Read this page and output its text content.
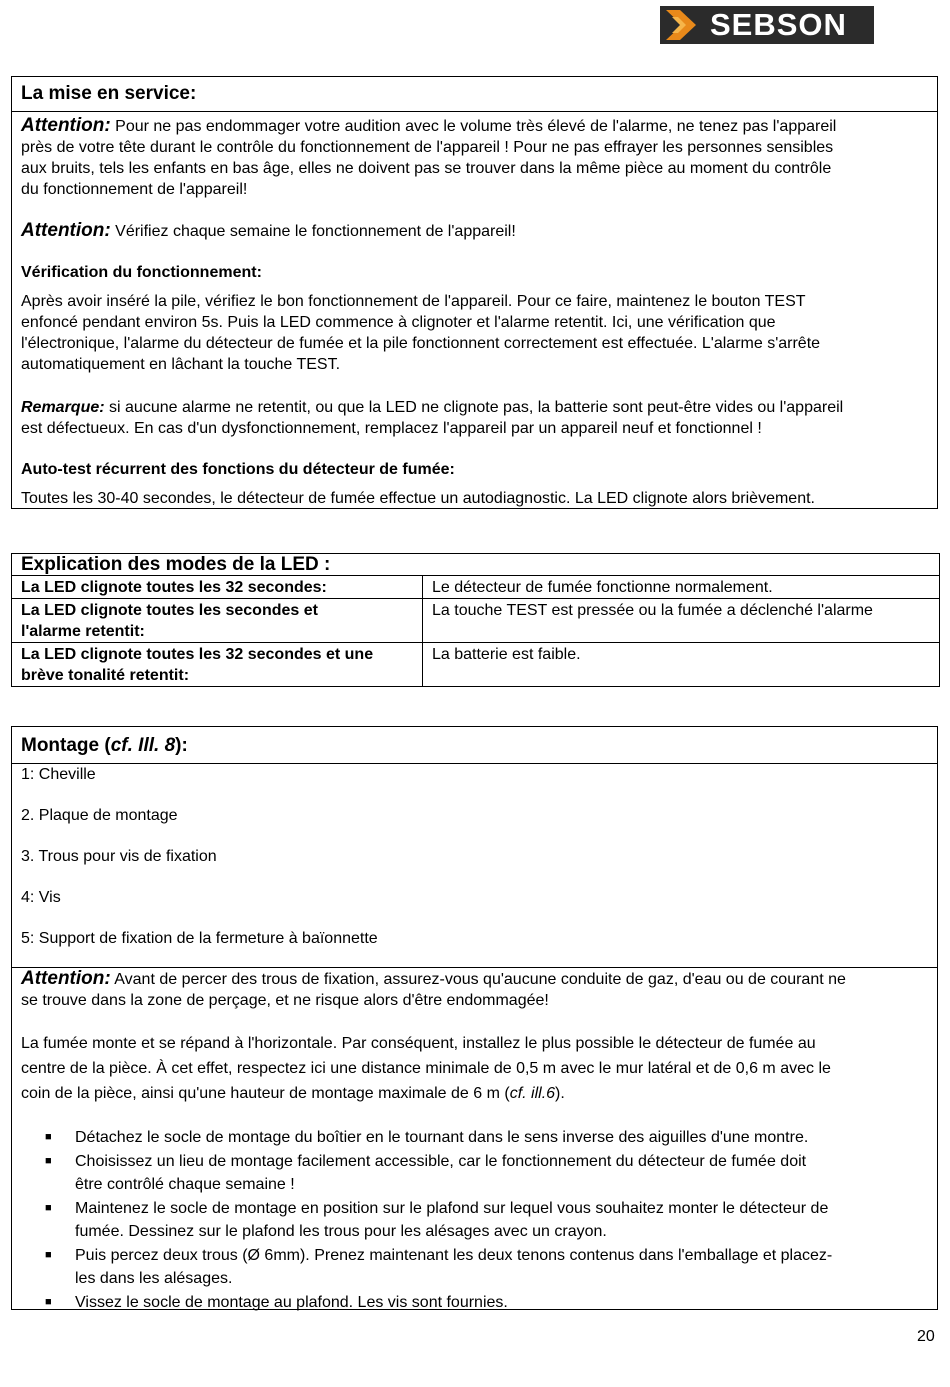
SEBSON
La mise en service:

Attention: Pour ne pas endommager votre audition avec le volume très élevé de l'alarme, ne tenez pas l'appareil
près de votre tête durant le contrôle du fonctionnement de l'appareil ! Pour ne pas effrayer les personnes sensibles
aux bruits, tels les enfants en bas âge, elles ne doivent pas se trouver dans la même pièce au moment du contrôle
du fonctionnement de l'appareil!

Attention: Vérifiez chaque semaine le fonctionnement de l'appareil!

Vérification du fonctionnement:

Après avoir inséré la pile, vérifiez le bon fonctionnement de l'appareil. Pour ce faire, maintenez le bouton TEST
enfoncé pendant environ 5s. Puis la LED commence à clignoter et l'alarme retentit. Ici, une vérification que
l'électronique, l'alarme du détecteur de fumée et la pile fonctionnent correctement est effectuée. L'alarme s'arrête
automatiquement en lâchant la touche TEST.

Remarque: si aucune alarme ne retentit, ou que la LED ne clignote pas, la batterie sont peut-être vides ou l'appareil
est défectueux. En cas d'un dysfonctionnement, remplacez l'appareil par un appareil neuf et fonctionnel !

Auto-test récurrent des fonctions du détecteur de fumée:

Toutes les 30-40 secondes, le détecteur de fumée effectue un autodiagnostic. La LED clignote alors brièvement.

Explication des modes de la LED :
La LED clignote toutes les 32 secondes:	Le détecteur de fumée fonctionne normalement.
La LED clignote toutes les secondes et
l'alarme retentit:	La touche TEST est pressée ou la fumée a déclenché l'alarme
La LED clignote toutes les 32 secondes et une
brève tonalité retentit:	La batterie est faible.
Montage (cf. Ill. 8):

1: Cheville

2. Plaque de montage

3. Trous pour vis de fixation

4: Vis

5: Support de fixation de la fermeture à baïonnette

Attention: Avant de percer des trous de fixation, assurez-vous qu'aucune conduite de gaz, d'eau ou de courant ne
se trouve dans la zone de perçage, et ne risque alors d'être endommagée!

La fumée monte et se répand à l'horizontale. Par conséquent, installez le plus possible le détecteur de fumée au
centre de la pièce. À cet effet, respectez ici une distance minimale de 0,5 m avec le mur latéral et de 0,6 m avec le
coin de la pièce, ainsi qu'une hauteur de montage maximale de 6 m (cf. ill.6).

■ Détachez le socle de montage du boîtier en le tournant dans le sens inverse des aiguilles d'une montre.
■ Choisissez un lieu de montage facilement accessible, car le fonctionnement du détecteur de fumée doit
être contrôlé chaque semaine !
■ Maintenez le socle de montage en position sur le plafond sur lequel vous souhaitez monter le détecteur de
fumée. Dessinez sur le plafond les trous pour les alésages avec un crayon.
■ Puis percez deux trous (Ø 6mm). Prenez maintenant les deux tenons contenus dans l'emballage et placez-
les dans les alésages.
■ Vissez le socle de montage au plafond. Les vis sont fournies.
20
